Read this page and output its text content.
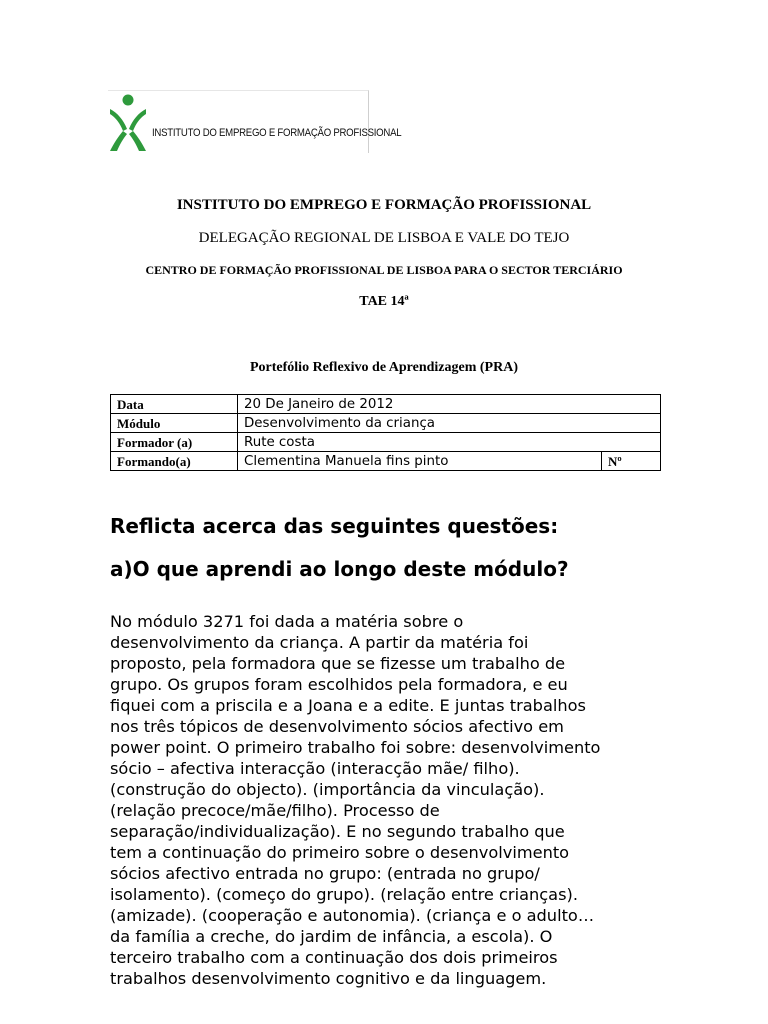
INSTITUTO DO EMPREGO E FORMAÇÃO PROFISSIONAL
INSTITUTO DO EMPREGO E FORMAÇÃO PROFISSIONAL
DELEGAÇÃO REGIONAL DE LISBOA E VALE DO TEJO
CENTRO DE FORMAÇÃO PROFISSIONAL DE LISBOA PARA O SECTOR TERCIÁRIO
TAE 14ª
Portefólio Reflexivo de Aprendizagem (PRA)
Data	20 De Janeiro de 2012	
Módulo	Desenvolvimento da criança	
Formador (a)	Rute costa	
Formando(a)	Clementina Manuela fins pinto	Nº
Reflicta acerca das seguintes questões:
a)O que aprendi ao longo deste módulo?

No módulo 3271 foi dada a matéria sobre o
desenvolvimento da criança. A partir da matéria foi
proposto, pela formadora que se fizesse um trabalho de
grupo. Os grupos foram escolhidos pela formadora, e eu
fiquei com a priscila e a Joana e a edite. E juntas trabalhos
nos três tópicos de desenvolvimento sócios afectivo em
power point. O primeiro trabalho foi sobre: desenvolvimento
sócio – afectiva interacção (interacção mãe/ filho).
(construção do objecto). (importância da vinculação).
(relação precoce/mãe/filho). Processo de
separação/individualização). E no segundo trabalho que
tem a continuação do primeiro sobre o desenvolvimento
sócios afectivo entrada no grupo: (entrada no grupo/
isolamento). (começo do grupo). (relação entre crianças).
(amizade). (cooperação e autonomia). (criança e o adulto…
da família a creche, do jardim de infância, a escola). O
terceiro trabalho com a continuação dos dois primeiros
trabalhos desenvolvimento cognitivo e da linguagem.
